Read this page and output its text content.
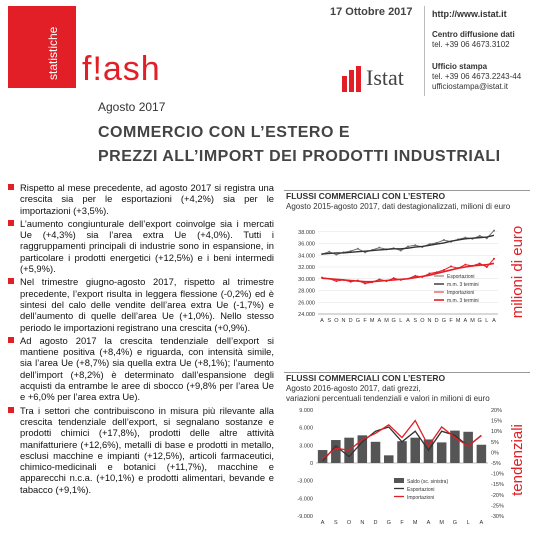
statistiche f!ash
17 Ottobre 2017 http://www.istat.it
Centro diffusione dati
tel. +39 06 4673.3102
Ufficio stampa
tel. +39 06 4673.2243-44
ufficiostampa@istat.it
Istat
Agosto 2017
COMMERCIO CON L’ESTERO E
PREZZI ALL’IMPORT DEI PRODOTTI INDUSTRIALI
Rispetto al mese precedente, ad agosto 2017 si registra una crescita sia per le esportazioni (+4,2%) sia per le importazioni (+3,5%).
L’aumento congiunturale dell’export coinvolge sia i mercati Ue (+4,3%) sia l’area extra Ue (+4,0%). Tutti i raggruppamenti principali di industrie sono in espansione, in particolare i prodotti energetici (+12,5%) e i beni intermedi (+5,9%).
Nel trimestre giugno-agosto 2017, rispetto al trimestre precedente, l’export risulta in leggera flessione (-0,2%) ed è sintesi del calo delle vendite dell’area extra Ue (-1,7%) e dell’aumento di quelle dell’area Ue (+1,0%). Nello stesso periodo le importazioni registrano una crescita (+0,9%).
Ad agosto 2017 la crescita tendenziale dell’export si mantiene positiva (+8,4%) e riguarda, con intensità simile, sia l’area Ue (+8,7%) sia quella extra Ue (+8,1%); l’aumento dell’import (+8,2%) è determinato dall’espansione degli acquisti da entrambe le aree di sbocco (+9,8% per l’area Ue e +6,0% per l’area extra Ue).
Tra i settori che contribuiscono in misura più rilevante alla crescita tendenziale dell’export, si segnalano sostanze e prodotti chimici (+17,8%), prodotti delle altre attività manifatturiere (+12,6%), metalli di base e prodotti in metallo, esclusi macchine e impianti (+12,5%), articoli farmaceutici, chimico-medicinali e botanici (+11,7%), macchine e apparecchi n.c.a. (+10,1%) e prodotti alimentari, bevande e tabacco (+9,1%).
FLUSSI COMMERCIALI CON L’ESTERO
Agosto 2015-agosto 2017, dati destagionalizzati, milioni di euro
24.000
26.000
28.000
30.000
32.000
34.000
36.000
38.000
A S O N D G F M A M G L A S O N D G F M A M G L A
Esportazioni
m.m. 3 termini
Importazioni
m.m. 3 termini milioni di euro
FLUSSI COMMERCIALI CON L’ESTERO
Agosto 2016-agosto 2017, dati grezzi,
variazioni percentuali tendenziali e valori in milioni di euro
9.000
6.000
3.000
0
-3.000
-6.000
-9.000
20%
15%
10%
5%
0%
-5%
-10%
-15%
-20%
-25%
-30%
A S O N D G F M A M G L A
Saldo (sc. sinistra)
Esportazioni
Importazioni
tendenziali
